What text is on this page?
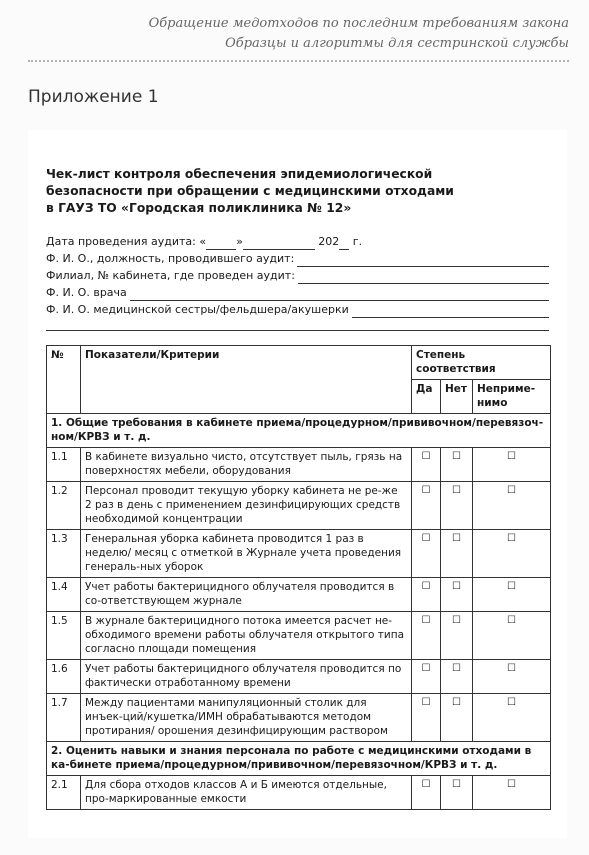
Обращение медотходов по последним требованиям закона
Образцы и алгоритмы для сестринской службы
Приложение 1
Чек-лист контроля обеспечения эпидемиологической
безопасности при обращении с медицинскими отходами
в ГАУЗ ТО «Городская поликлиника № 12»
Дата проведения аудита: «	»
	202
г.
Ф. И. О., должность, проводившего аудит:
Филиал, № кабинета, где проведен аудит:
Ф. И. О. врача
Ф. И. О. медицинской сестры/фельдшера/акушерки
№	Показатели/Критерии	Степень соответствия		
		Да	Нет	Неприме-нимо
1. Общие требования в кабинете приема/процедурном/прививочном/перевязоч-ном/КРВЗ и т. д.				
1.1	В кабинете визуально чисто, отсутствует пыль, грязь на поверхностях мебели, оборудования	☐	☐	☐
1.2	Персонал проводит текущую уборку кабинета не ре-же 2 раз в день с применением дезинфицирующих средств необходимой концентрации	☐	☐	☐
1.3	Генеральная уборка кабинета проводится 1 раз в неделю/ месяц с отметкой в Журнале учета проведения генераль-ных уборок	☐	☐	☐
1.4	Учет работы бактерицидного облучателя проводится в со-ответствующем журнале	☐	☐	☐
1.5	В журнале бактерицидного потока имеется расчет не-обходимого времени работы облучателя открытого типа согласно площади помещения	☐	☐	☐
1.6	Учет работы бактерицидного облучателя проводится по фактически отработанному времени	☐	☐	☐
1.7	Между пациентами манипуляционный столик для инъек-ций/кушетка/ИМН обрабатываются методом протирания/ орошения дезинфицирующим раствором	☐	☐	☐
2. Оценить навыки и знания персонала по работе с медицинскими отходами в ка-бинете приема/процедурном/прививочном/перевязочном/КРВЗ и т. д.				
2.1	Для сбора отходов классов А и Б имеются отдельные, про-маркированные емкости	☐	☐	☐
